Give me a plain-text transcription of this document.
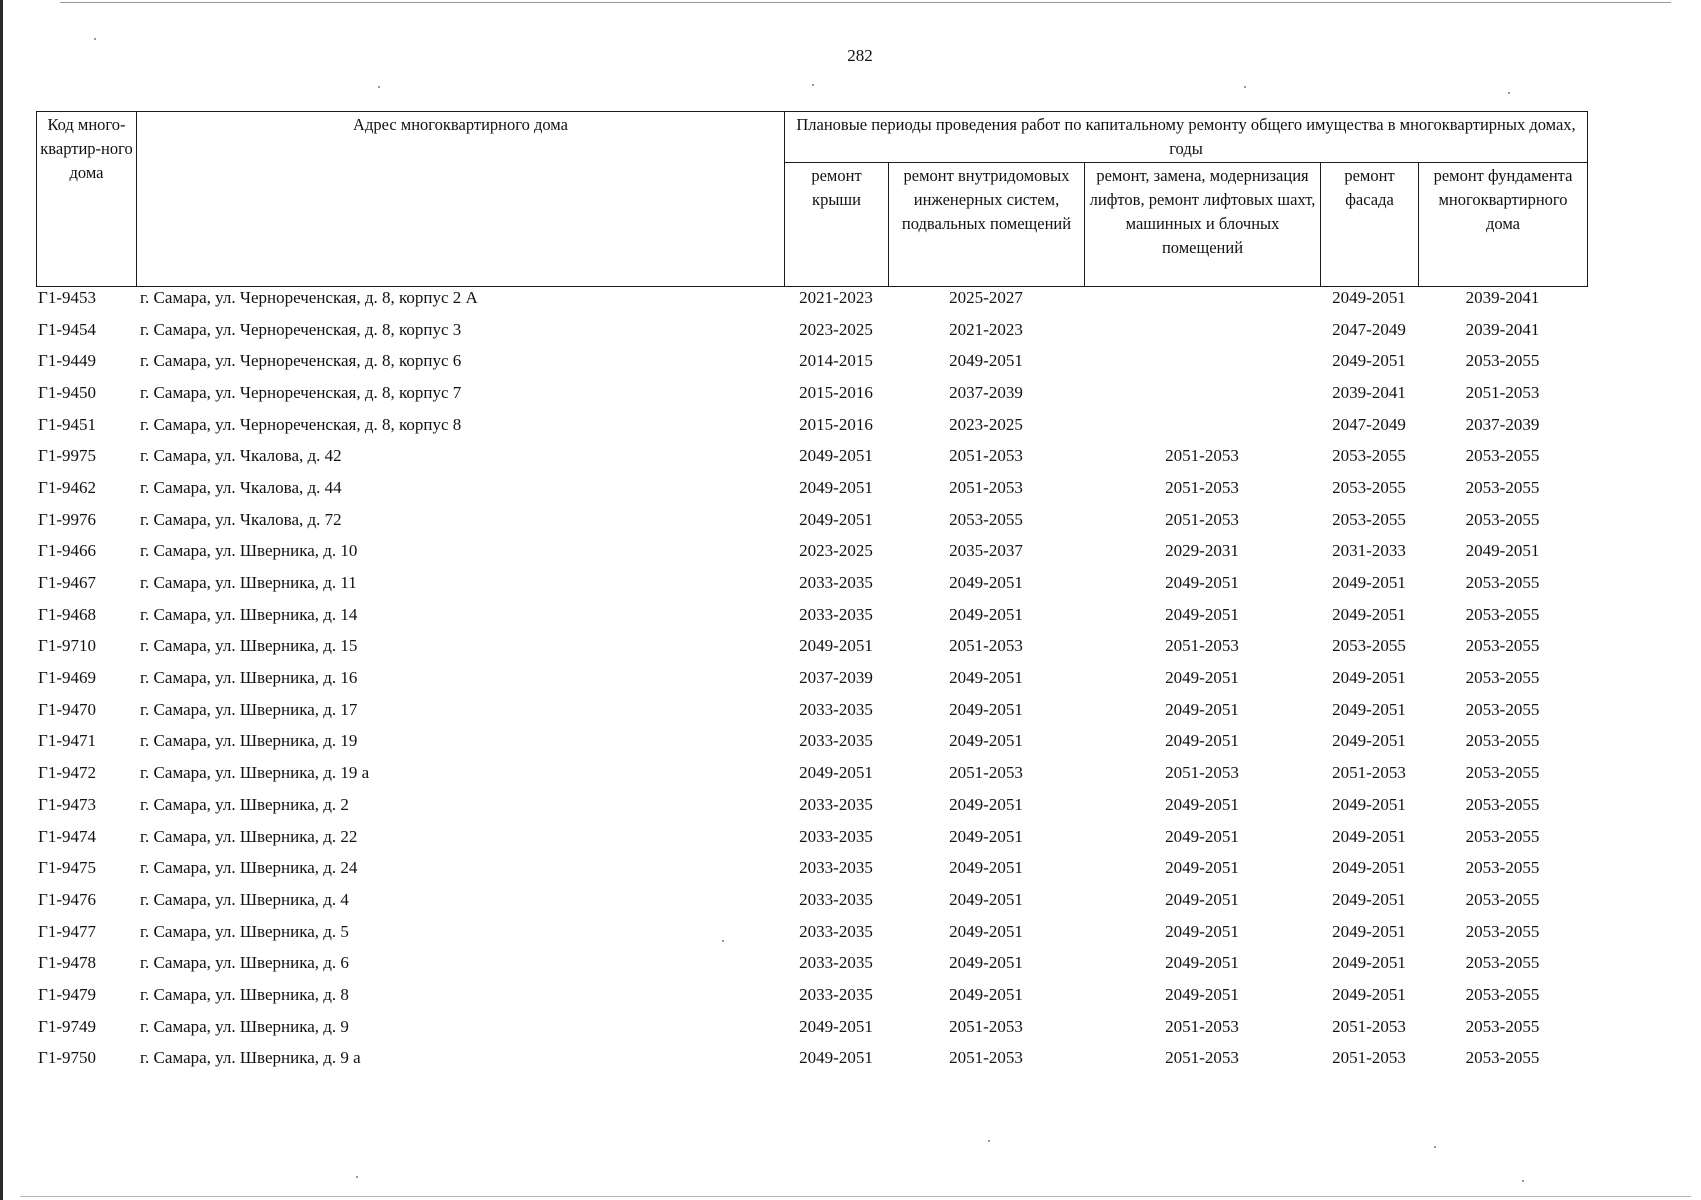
282
Код много-квартир-ного дома	Адрес многоквартирного дома	Плановые периоды проведения работ по капитальному ремонту общего имущества в многоквартирных домах, годы				
		ремонт крыши	ремонт внутридомовых инженерных систем, подвальных помещений	ремонт, замена, модернизация лифтов, ремонт лифтовых шахт, машинных и блочных помещений	ремонт фасада	ремонт фундамента многоквартирного дома
Г1-9453	г. Самара, ул. Чернореченская, д. 8, корпус 2 А	2021-2023	2025-2027		2049-2051	2039-2041
Г1-9454	г. Самара, ул. Чернореченская, д. 8, корпус 3	2023-2025	2021-2023		2047-2049	2039-2041
Г1-9449	г. Самара, ул. Чернореченская, д. 8, корпус 6	2014-2015	2049-2051		2049-2051	2053-2055
Г1-9450	г. Самара, ул. Чернореченская, д. 8, корпус 7	2015-2016	2037-2039		2039-2041	2051-2053
Г1-9451	г. Самара, ул. Чернореченская, д. 8, корпус 8	2015-2016	2023-2025		2047-2049	2037-2039
Г1-9975	г. Самара, ул. Чкалова, д. 42	2049-2051	2051-2053	2051-2053	2053-2055	2053-2055
Г1-9462	г. Самара, ул. Чкалова, д. 44	2049-2051	2051-2053	2051-2053	2053-2055	2053-2055
Г1-9976	г. Самара, ул. Чкалова, д. 72	2049-2051	2053-2055	2051-2053	2053-2055	2053-2055
Г1-9466	г. Самара, ул. Шверника, д. 10	2023-2025	2035-2037	2029-2031	2031-2033	2049-2051
Г1-9467	г. Самара, ул. Шверника, д. 11	2033-2035	2049-2051	2049-2051	2049-2051	2053-2055
Г1-9468	г. Самара, ул. Шверника, д. 14	2033-2035	2049-2051	2049-2051	2049-2051	2053-2055
Г1-9710	г. Самара, ул. Шверника, д. 15	2049-2051	2051-2053	2051-2053	2053-2055	2053-2055
Г1-9469	г. Самара, ул. Шверника, д. 16	2037-2039	2049-2051	2049-2051	2049-2051	2053-2055
Г1-9470	г. Самара, ул. Шверника, д. 17	2033-2035	2049-2051	2049-2051	2049-2051	2053-2055
Г1-9471	г. Самара, ул. Шверника, д. 19	2033-2035	2049-2051	2049-2051	2049-2051	2053-2055
Г1-9472	г. Самара, ул. Шверника, д. 19 а	2049-2051	2051-2053	2051-2053	2051-2053	2053-2055
Г1-9473	г. Самара, ул. Шверника, д. 2	2033-2035	2049-2051	2049-2051	2049-2051	2053-2055
Г1-9474	г. Самара, ул. Шверника, д. 22	2033-2035	2049-2051	2049-2051	2049-2051	2053-2055
Г1-9475	г. Самара, ул. Шверника, д. 24	2033-2035	2049-2051	2049-2051	2049-2051	2053-2055
Г1-9476	г. Самара, ул. Шверника, д. 4	2033-2035	2049-2051	2049-2051	2049-2051	2053-2055
Г1-9477	г. Самара, ул. Шверника, д. 5	2033-2035	2049-2051	2049-2051	2049-2051	2053-2055
Г1-9478	г. Самара, ул. Шверника, д. 6	2033-2035	2049-2051	2049-2051	2049-2051	2053-2055
Г1-9479	г. Самара, ул. Шверника, д. 8	2033-2035	2049-2051	2049-2051	2049-2051	2053-2055
Г1-9749	г. Самара, ул. Шверника, д. 9	2049-2051	2051-2053	2051-2053	2051-2053	2053-2055
Г1-9750	г. Самара, ул. Шверника, д. 9 а	2049-2051	2051-2053	2051-2053	2051-2053	2053-2055
